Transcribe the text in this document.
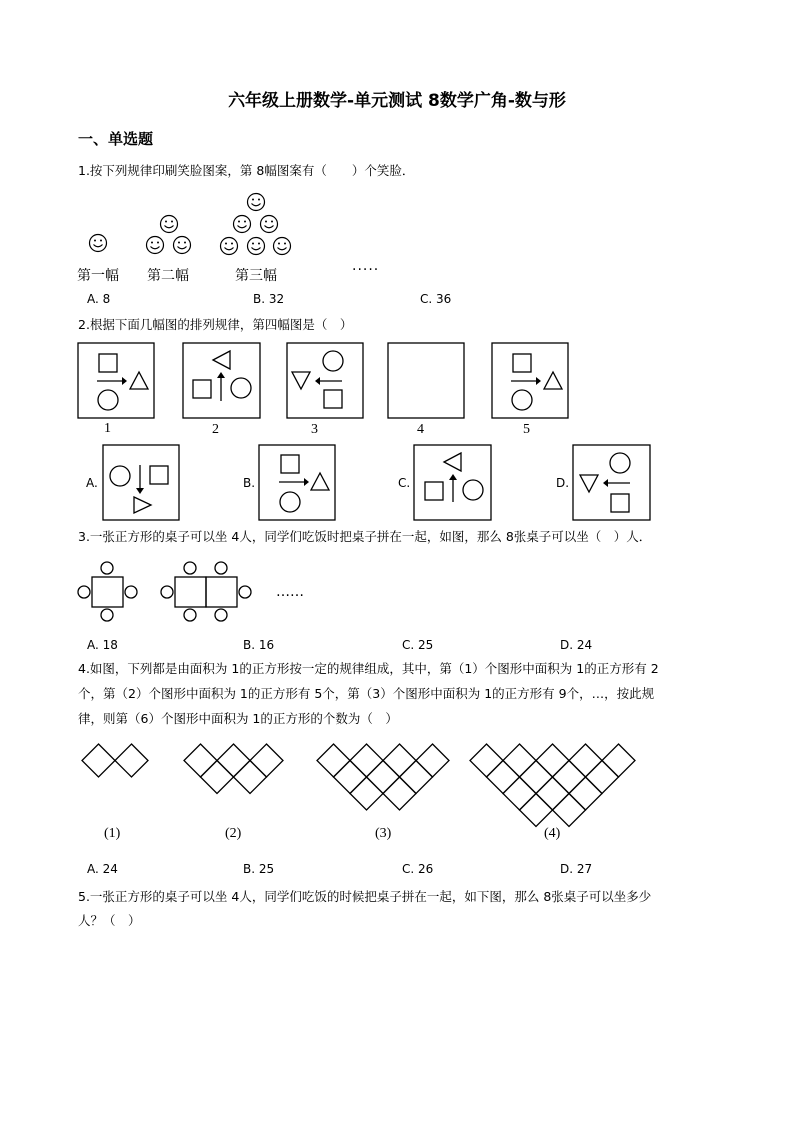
六年级上册数学-单元测试 8数学广角-数与形
一、单选题
1.按下列规律印刷笑脸图案，第 8幅图案有（　　）个笑脸．
第一幅 第二幅	第三幅	·····
A. 8	B. 32	C. 36
2.根据下面几幅图的排列规律，第四幅图是（　）
1	2	3	4	5
A.	B.	C.	D.
3.一张正方形的桌子可以坐 4人，同学们吃饭时把桌子拼在一起，如图，那么 8张桌子可以坐（　）人．
……
A. 18	B. 16	C. 25	D. 24
4.如图，下列都是由面积为 1的正方形按一定的规律组成，其中，第（1）个图形中面积为 1的正方形有 2
个，第（2）个图形中面积为 1的正方形有 5个，第（3）个图形中面积为 1的正方形有 9个，…，按此规
律，则第（6）个图形中面积为 1的正方形的个数为（　）
(1)	(2)	(3)	(4)
A. 24	B. 25	C. 26	D. 27
5.一张正方形的桌子可以坐 4人，同学们吃饭的时候把桌子拼在一起，如下图，那么 8张桌子可以坐多少
人？（　）
